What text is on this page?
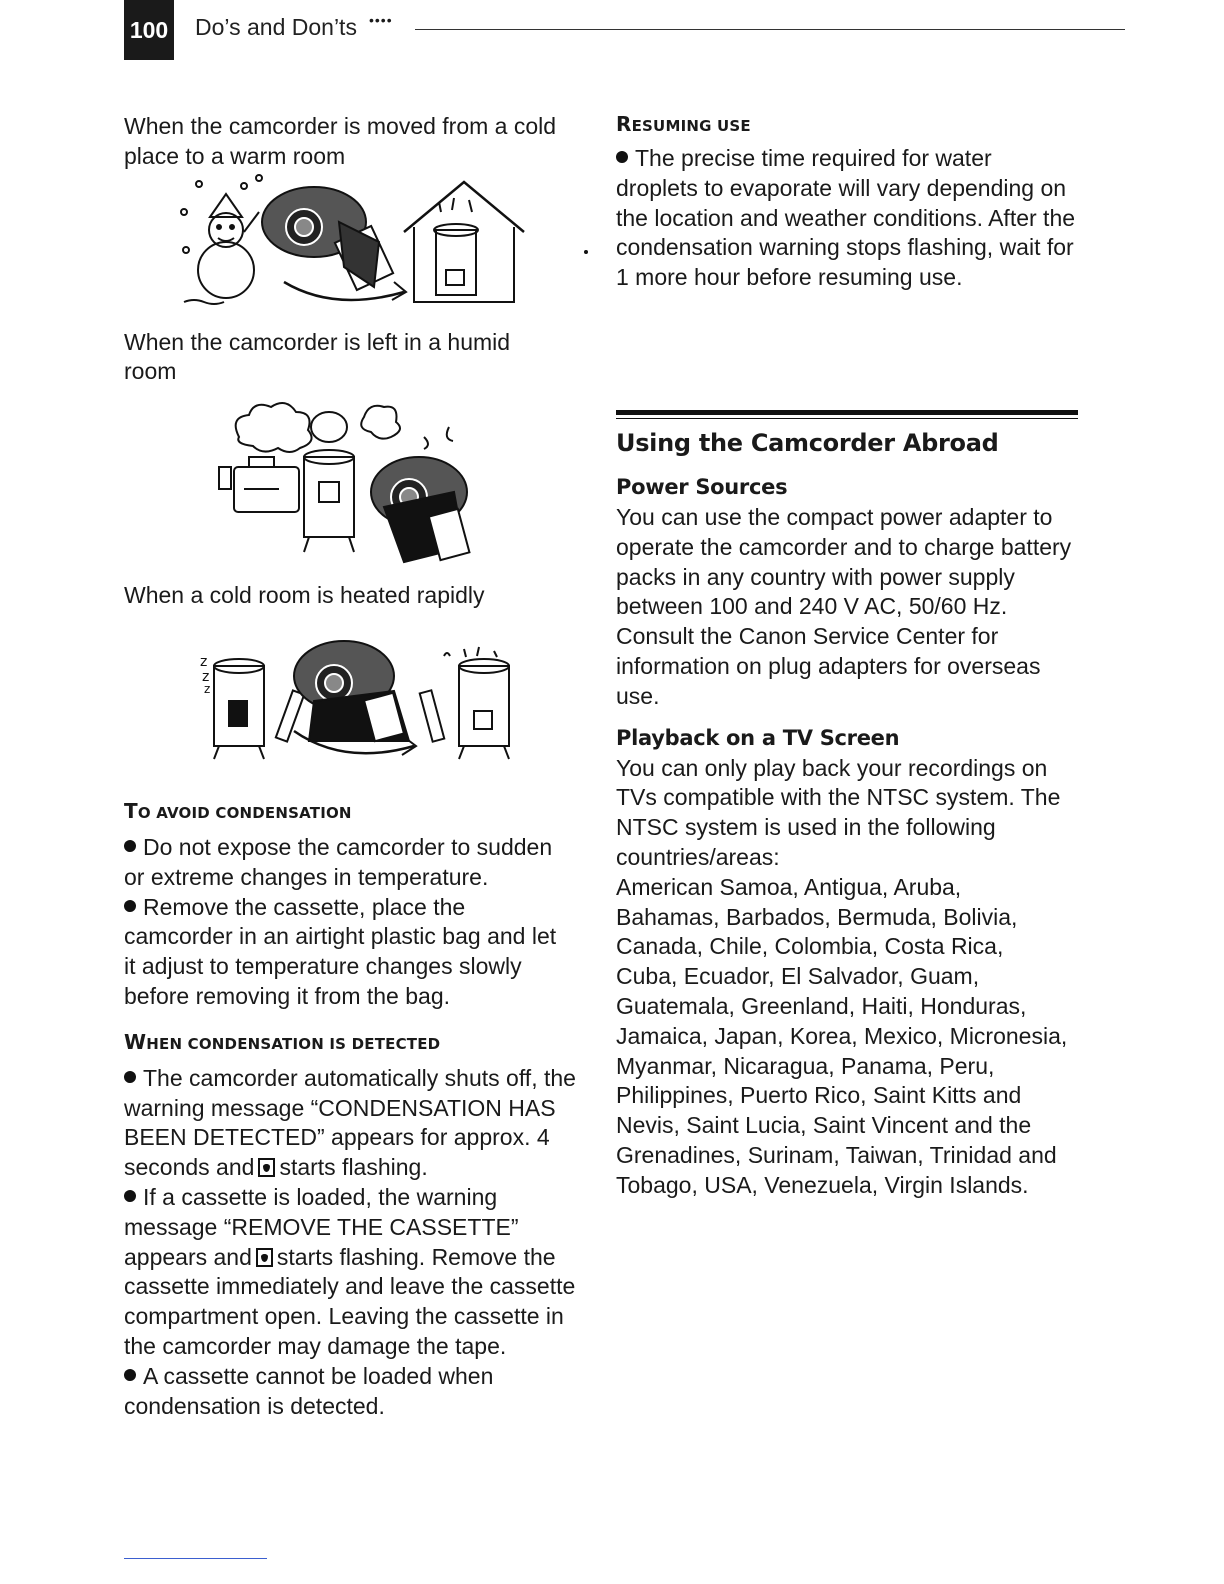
100 Do’s and Don’ts ••••

When the camcorder is moved from a cold place to a warm room

When the camcorder is left in a humid room

When a cold room is heated rapidly

z
z
z

TO AVOID CONDENSATION

Do not expose the camcorder to sudden or extreme changes in temperature.

Remove the cassette, place the camcorder in an airtight plastic bag and let it adjust to temperature changes slowly before removing it from the bag.

WHEN CONDENSATION IS DETECTED

The camcorder automatically shuts off, the warning message “CONDENSATION HAS BEEN DETECTED” appears for approx. 4 seconds and starts flashing.

If a cassette is loaded, the warning message “REMOVE THE CASSETTE” appears and starts flashing. Remove the cassette immediately and leave the cassette compartment open. Leaving the cassette in the camcorder may damage the tape.

A cassette cannot be loaded when condensation is detected.

RESUMING USE

The precise time required for water droplets to evaporate will vary depending on the location and weather conditions. After the condensation warning stops flashing, wait for 1 more hour before resuming use.

Using the Camcorder Abroad

Power Sources

You can use the compact power adapter to operate the camcorder and to charge battery packs in any country with power supply between 100 and 240 V AC, 50/60 Hz. Consult the Canon Service Center for information on plug adapters for overseas use.

Playback on a TV Screen

You can only play back your recordings on TVs compatible with the NTSC system. The NTSC system is used in the following countries/areas:

American Samoa, Antigua, Aruba, Bahamas, Barbados, Bermuda, Bolivia, Canada, Chile, Colombia, Costa Rica, Cuba, Ecuador, El Salvador, Guam, Guatemala, Greenland, Haiti, Honduras, Jamaica, Japan, Korea, Mexico, Micronesia, Myanmar, Nicaragua, Panama, Peru, Philippines, Puerto Rico, Saint Kitts and Nevis, Saint Lucia, Saint Vincent and the Grenadines, Surinam, Taiwan, Trinidad and Tobago, USA, Venezuela, Virgin Islands.
